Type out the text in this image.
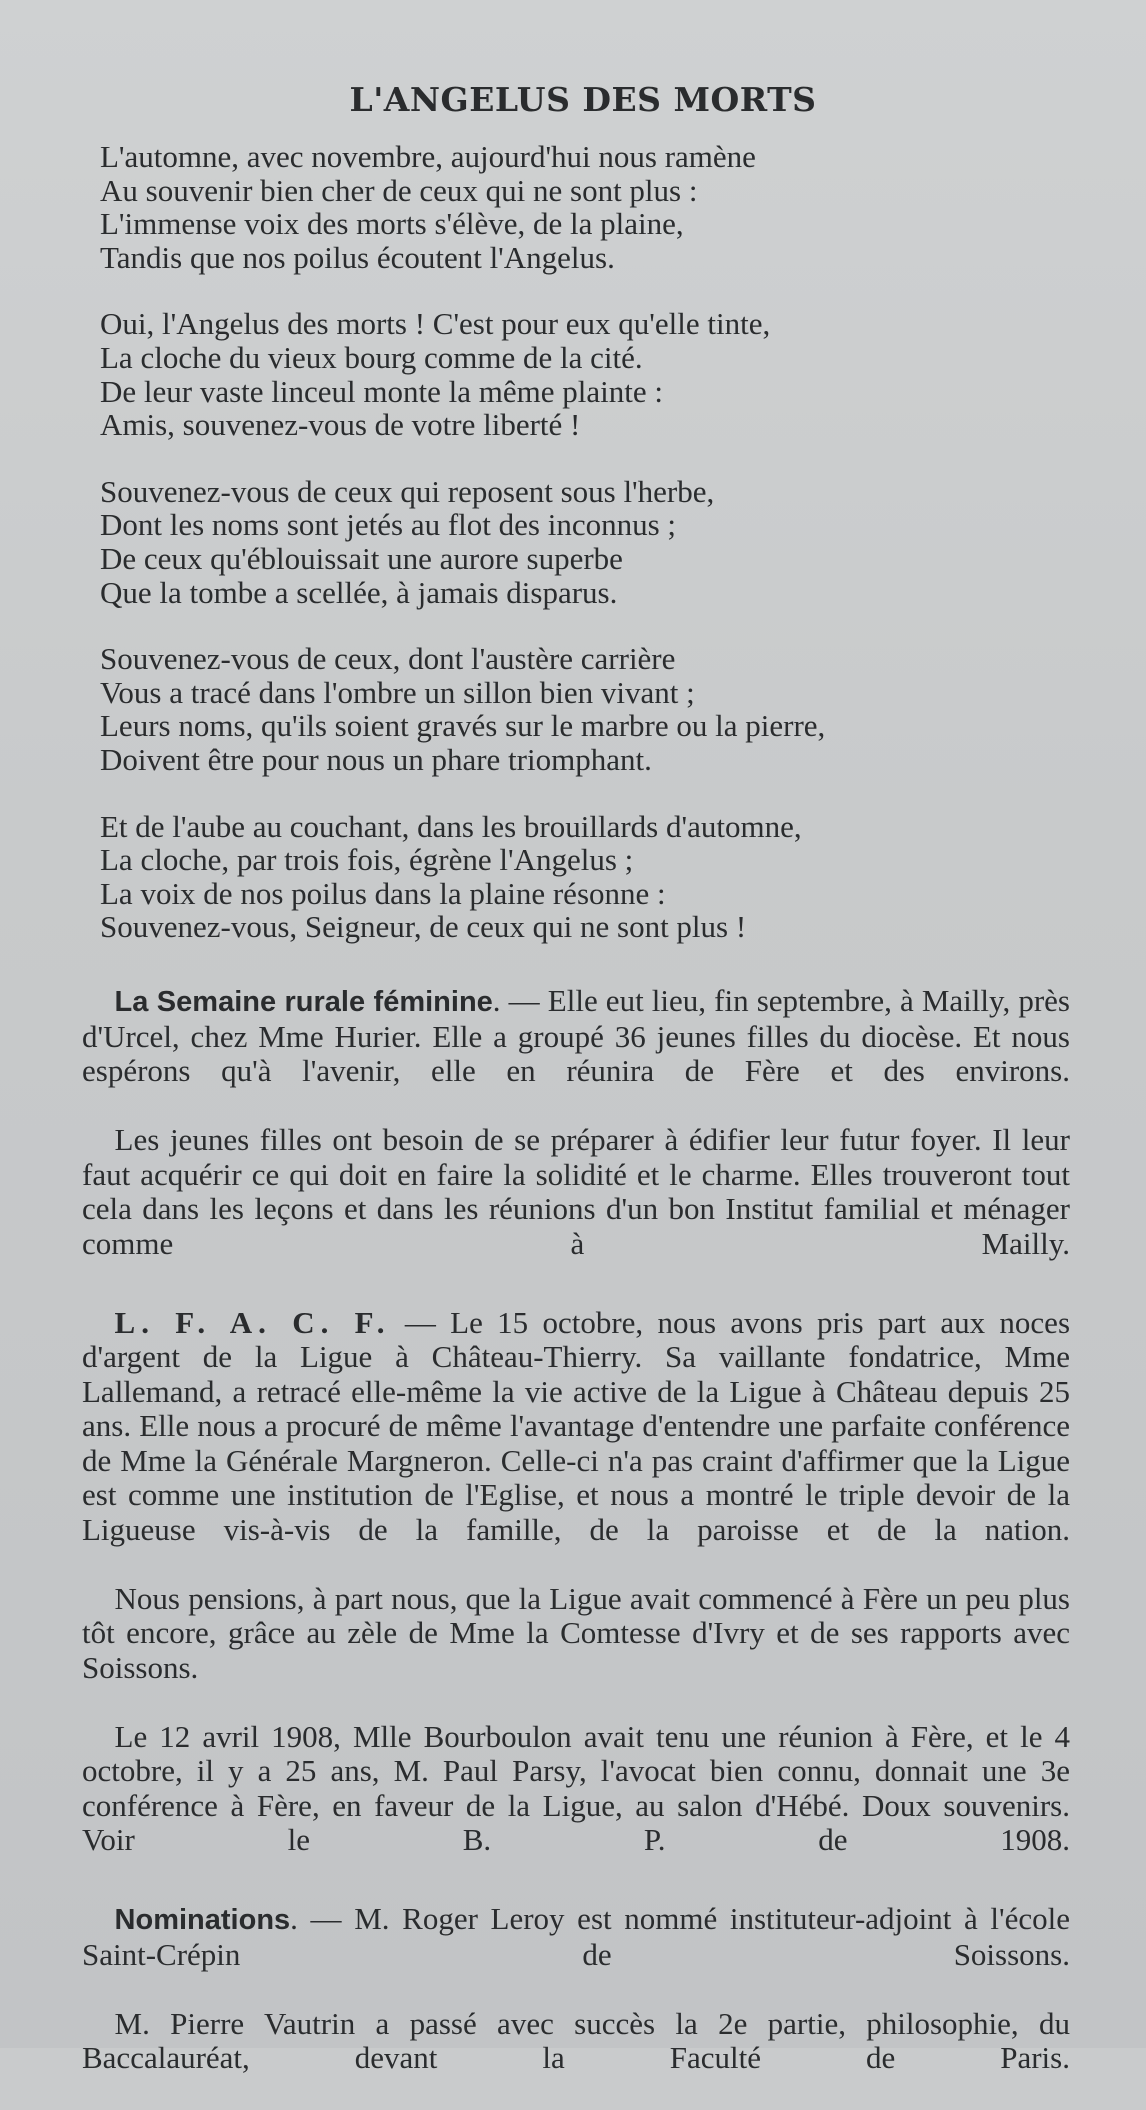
L'ANGELUS DES MORTS
L'automne, avec novembre, aujourd'hui nous ramène
Au souvenir bien cher de ceux qui ne sont plus :
L'immense voix des morts s'élève, de la plaine,
Tandis que nos poilus écoutent l'Angelus.
Oui, l'Angelus des morts ! C'est pour eux qu'elle tinte,
La cloche du vieux bourg comme de la cité.
De leur vaste linceul monte la même plainte :
Amis, souvenez-vous de votre liberté !
Souvenez-vous de ceux qui reposent sous l'herbe,
Dont les noms sont jetés au flot des inconnus ;
De ceux qu'éblouissait une aurore superbe
Que la tombe a scellée, à jamais disparus.
Souvenez-vous de ceux, dont l'austère carrière
Vous a tracé dans l'ombre un sillon bien vivant ;
Leurs noms, qu'ils soient gravés sur le marbre ou la pierre,
Doivent être pour nous un phare triomphant.
Et de l'aube au couchant, dans les brouillards d'automne,
La cloche, par trois fois, égrène l'Angelus ;
La voix de nos poilus dans la plaine résonne :
Souvenez-vous, Seigneur, de ceux qui ne sont plus !

La Semaine rurale féminine. — Elle eut lieu, fin septembre, à Mailly, près d'Urcel, chez Mme Hurier. Elle a groupé 36 jeunes filles du diocèse. Et nous espérons qu'à l'avenir, elle en réunira de Fère et des environs.

Les jeunes filles ont besoin de se préparer à édifier leur futur foyer. Il leur faut acquérir ce qui doit en faire la solidité et le charme. Elles trouveront tout cela dans les leçons et dans les réunions d'un bon Institut familial et ménager comme à Mailly.

L. F. A. C. F. — Le 15 octobre, nous avons pris part aux noces d'argent de la Ligue à Château-Thierry. Sa vaillante fondatrice, Mme Lallemand, a retracé elle-même la vie active de la Ligue à Château depuis 25 ans. Elle nous a procuré de même l'avantage d'entendre une parfaite conférence de Mme la Générale Margneron. Celle-ci n'a pas craint d'affirmer que la Ligue est comme une institution de l'Eglise, et nous a montré le triple devoir de la Ligueuse vis-à-vis de la famille, de la paroisse et de la nation.

Nous pensions, à part nous, que la Ligue avait commencé à Fère un peu plus tôt encore, grâce au zèle de Mme la Comtesse d'Ivry et de ses rapports avec Soissons.

Le 12 avril 1908, Mlle Bourboulon avait tenu une réunion à Fère, et le 4 octobre, il y a 25 ans, M. Paul Parsy, l'avocat bien connu, donnait une 3e conférence à Fère, en faveur de la Ligue, au salon d'Hébé. Doux souvenirs. Voir le B. P. de 1908.

Nominations. — M. Roger Leroy est nommé instituteur-adjoint à l'école Saint-Crépin de Soissons.

M. Pierre Vautrin a passé avec succès la 2e partie, philosophie, du Baccalauréat, devant la Faculté de Paris.
